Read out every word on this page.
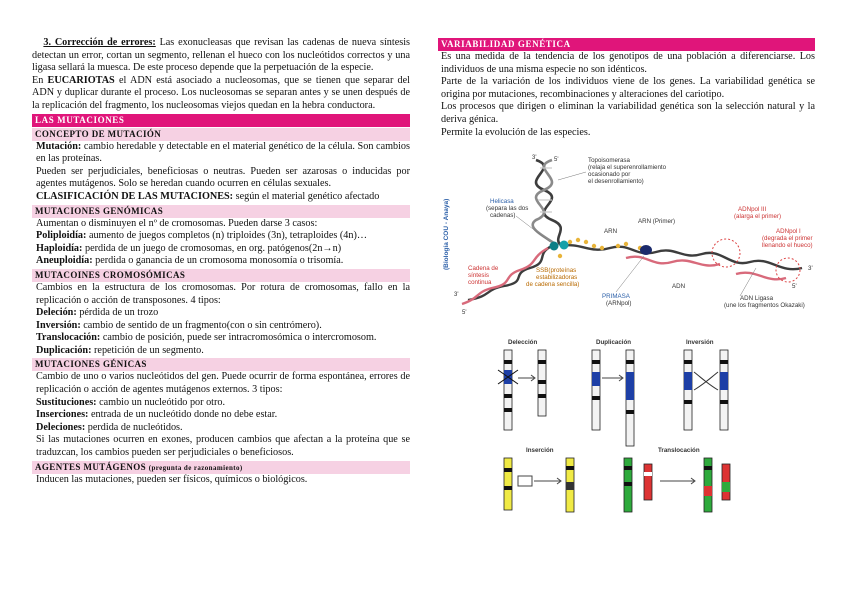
3. Corrección de errores: Las exonucleasas que revisan las cadenas de nueva síntesis detectan un error, cortan un segmento, rellenan el hueco con los nucleótidos correctos y una ligasa sellará la muesca. De este proceso depende que la perpetuación de la especie.

En EUCARIOTAS el ADN está asociado a nucleosomas, que se tienen que separar del ADN y duplicar durante el proceso. Los nucleosomas se separan antes y se unen después de la replicación del fragmento, los nucleosomas viejos quedan en la hebra conductora.

LAS MUTACIONES
CONCEPTO DE MUTACIÓN

Mutación: cambio heredable y detectable en el material genético de la célula. Son cambios en las proteínas.

Pueden ser perjudiciales, beneficiosas o neutras. Pueden ser azarosas o inducidas por agentes mutágenos. Solo se heredan cuando ocurren en células sexuales.

CLASIFICACIÓN DE LAS MUTACIONES: según el material genético afectado

MUTACIONES GENÓMICAS

Aumentan o disminuyen el nº de cromosomas. Pueden darse 3 casos:

Poliploidía: aumento de juegos completos (n) triploides (3n), tetraploides (4n)…

Haploidía: perdida de un juego de cromosomas, en org. patógenos(2n→n)

Aneuploidía: perdida o ganancia de un cromosoma monosomía o trisomía.

MUTACOINES CROMOSÓMICAS

Cambios en la estructura de los cromosomas. Por rotura de cromosomas, fallo en la replicación o acción de transposones. 4 tipos:

Deleción: pérdida de un trozo

Inversión: cambio de sentido de un fragmento(con o sin centrómero).

Translocación: cambio de posición, puede ser intracromosómica o intercromosom.

Duplicación: repetición de un segmento.

MUTACIONES GÉNICAS

Cambio de uno o varios nucleótidos del gen. Puede ocurrir de forma espontánea, errores de replicación o acción de agentes mutágenos externos. 3 tipos:

Sustituciones: cambio un nucleótido por otro.

Inserciones: entrada de un nucleótido donde no debe estar.

Deleciones: perdida de nucleótidos.

Si las mutaciones ocurren en exones, producen cambios que afectan a la proteína que se traduzcan, los cambios pueden ser perjudiciales o beneficiosos.

AGENTES MUTÁGENOS (pregunta de razonamiento)

Inducen las mutaciones, pueden ser físicos, químicos o biológicos.

VARIABILIDAD GENÉTICA

Es una medida de la tendencia de los genotipos de una población a diferenciarse. Los individuos de una misma especie no son idénticos.

Parte de la variación de los individuos viene de los genes. La variabilidad genética se origina por mutaciones, recombinaciones y alteraciones del cariotipo.

Los procesos que dirigen o eliminan la variabilidad genética son la selección natural y la deriva génica.

Permite la evolución de las especies.

(Biología COU - Anaya)
3'	5'
3'
5'
Topoisomerasa
(relaja el superenrollamiento
ocasionado por
el desenrollamiento)
Helicasa
(separa las dos
cadenas)
ARN
ARN (Primer)
ADNpol III
(alarga el primer)
ADNpol I
(degrada el primer
llenando el hueco)
SSB(proteínas
estabilizadoras
de cadena sencilla)
Cadena de
síntesis
continua
PRIMASA
(ARNpol)
ADN
ADN Ligasa
(une los fragmentos Okazaki)
5'
3'
Delección	Duplicación	Inversión
Inserción	Translocación
